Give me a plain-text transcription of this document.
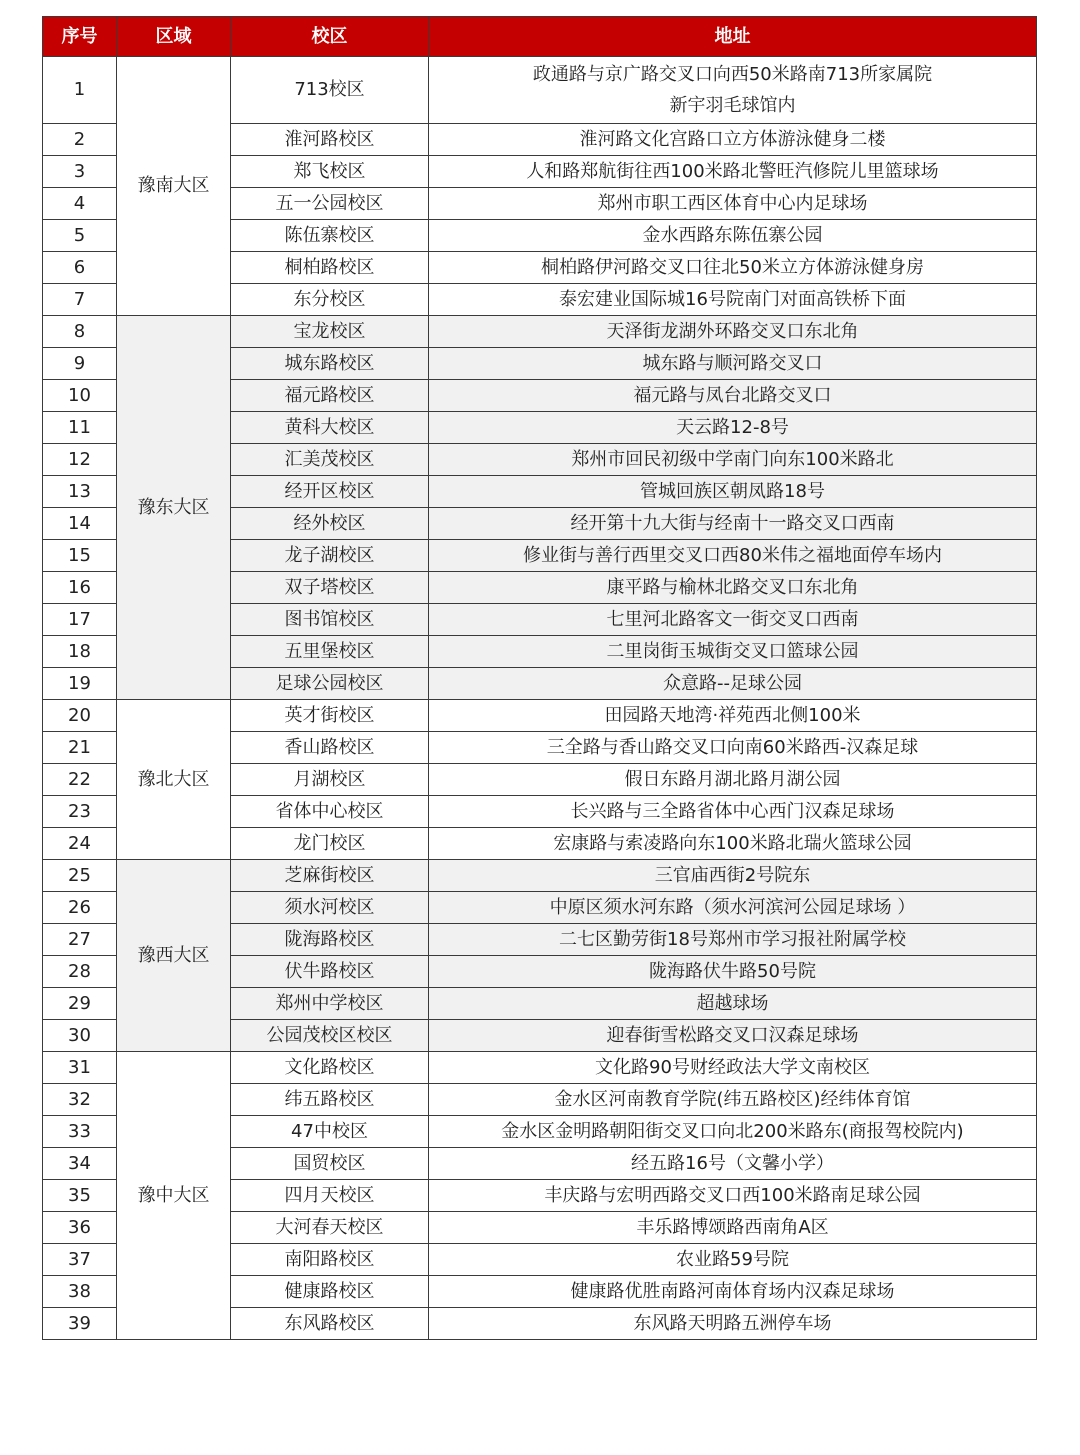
序号	区域	校区	地址
1	豫南大区	713校区	政通路与京广路交叉口向西50米路南713所家属院
新宇羽毛球馆内

2		淮河路校区	淮河路文化宫路口立方体游泳健身二楼

3		郑飞校区	人和路郑航街往西100米路北警旺汽修院儿里篮球场

4		五一公园校区	郑州市职工西区体育中心内足球场

5		陈伍寨校区	金水西路东陈伍寨公园

6		桐柏路校区	桐柏路伊河路交叉口往北50米立方体游泳健身房

7		东分校区	泰宏建业国际城16号院南门对面高铁桥下面

8	豫东大区	宝龙校区	天泽街龙湖外环路交叉口东北角

9		城东路校区	城东路与顺河路交叉口

10		福元路校区	福元路与凤台北路交叉口

11		黄科大校区	天云路12-8号

12		汇美茂校区	郑州市回民初级中学南门向东100米路北

13		经开区校区	管城回族区朝凤路18号

14		经外校区	经开第十九大街与经南十一路交叉口西南

15		龙子湖校区	修业街与善行西里交叉口西80米伟之福地面停车场内

16		双子塔校区	康平路与榆林北路交叉口东北角

17		图书馆校区	七里河北路客文一街交叉口西南

18		五里堡校区	二里岗街玉城街交叉口篮球公园

19		足球公园校区	众意路--足球公园

20	豫北大区	英才街校区	田园路天地湾·祥苑西北侧100米

21		香山路校区	三全路与香山路交叉口向南60米路西-汉森足球

22		月湖校区	假日东路月湖北路月湖公园

23		省体中心校区	长兴路与三全路省体中心西门汉森足球场

24		龙门校区	宏康路与索凌路向东100米路北瑞火篮球公园

25	豫西大区	芝麻街校区	三官庙西街2号院东

26		须水河校区	中原区须水河东路（须水河滨河公园足球场 ）

27		陇海路校区	二七区勤劳街18号郑州市学习报社附属学校

28		伏牛路校区	陇海路伏牛路50号院

29		郑州中学校区	超越球场

30		公园茂校区校区	迎春街雪松路交叉口汉森足球场

31	豫中大区	文化路校区	文化路90号财经政法大学文南校区

32		纬五路校区	金水区河南教育学院(纬五路校区)经纬体育馆

33		47中校区	金水区金明路朝阳街交叉口向北200米路东(商报驾校院内)

34		国贸校区	经五路16号（文馨小学）

35		四月天校区	丰庆路与宏明西路交叉口西100米路南足球公园

36		大河春天校区	丰乐路博颂路西南角A区

37		南阳路校区	农业路59号院

38		健康路校区	健康路优胜南路河南体育场内汉森足球场

39		东风路校区	东风路天明路五洲停车场
